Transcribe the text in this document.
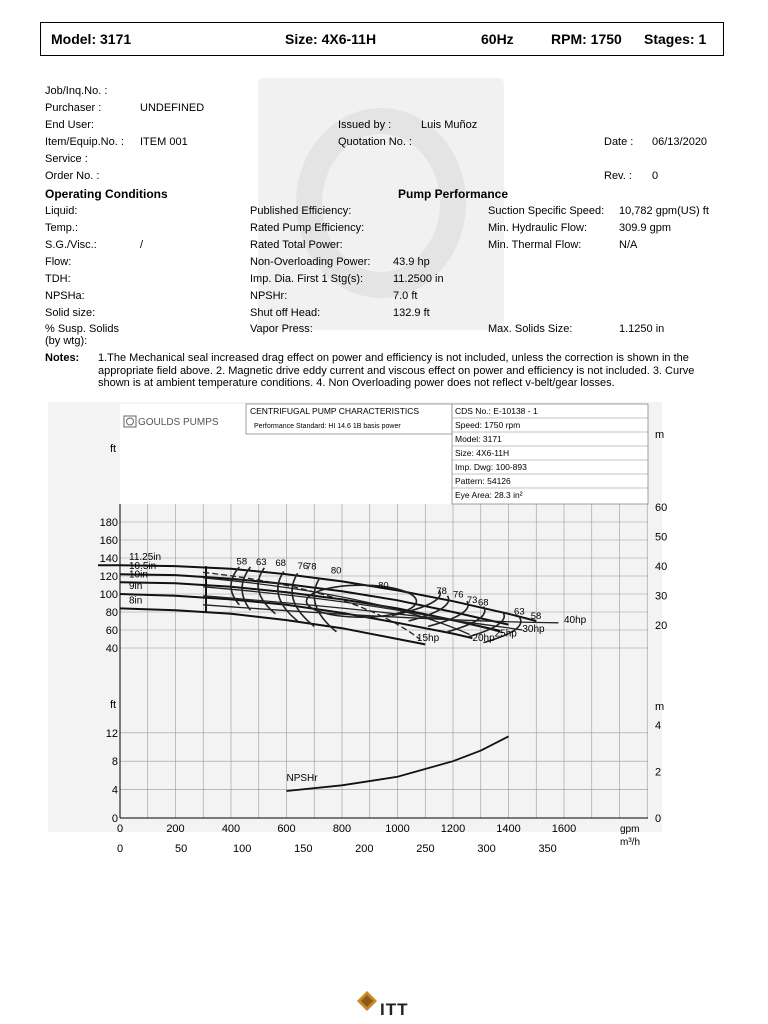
Model: 3171	Size: 4X6-11H	60Hz	RPM: 1750 Stages: 1
Job/Inq.No. :
Purchaser :	UNDEFINED
End User:	Issued by :	Luis Muñoz
Item/Equip.No. : ITEM 001	Quotation No. :	Date : 06/13/2020
Service :
Order No. :	Rev. : 0
Operating Conditions	Pump Performance
Liquid:
Temp.:
S.G./Visc.:	/
Flow:
TDH:
NPSHa:
Solid size:
% Susp. Solids
(by wtg):
Published Efficiency:
Rated Pump Efficiency:
Rated Total Power:
Non-Overloading Power: 43.9 hp
Imp. Dia. First 1 Stg(s):	11.2500 in
NPSHr:	7.0 ft
Shut off Head:	132.9 ft
Vapor Press:
Suction Specific Speed: 10,782 gpm(US) ft
Min. Hydraulic Flow:	309.9 gpm
Min. Thermal Flow:	N/A
Max. Solids Size:	1.1250 in
Notes: 1.The Mechanical seal increased drag effect on power and efficiency is not included, unless the correction is shown in the appropriate field above. 2. Magnetic drive eddy current and viscous effect on power and efficiency is not included. 3. Curve shown is at ambient temperature conditions. 4. Non Overloading power does not reflect v-belt/gear losses.
GOULDS PUMPS
CENTRIFUGAL PUMP CHARACTERISTICS
Performance Standard: HI 14.6 1B basis power
CDS No.: E-10138 - 1
Speed: 1750 rpm
Model: 3171
Size: 4X6-11H
Imp. Dwg: 100-893
Pattern: 54126
Eye Area: 28.3 in²
40
60
80
100
120
140
160
180
ft
m
20
30
40
50
60
ft	m
0
4
8
12
0
2
4
0	200	400	600	800	1000	1200	1400	1600
0	50	100	150	200	250	300	350
gpm
m³/h
11.25in
10.5in
10in
9in
8in
58 63 68 76
78 80
80	78 76 73 68
63 58
15hp	20hp 25hp 30hp
40hp
NPSHr
ITT
